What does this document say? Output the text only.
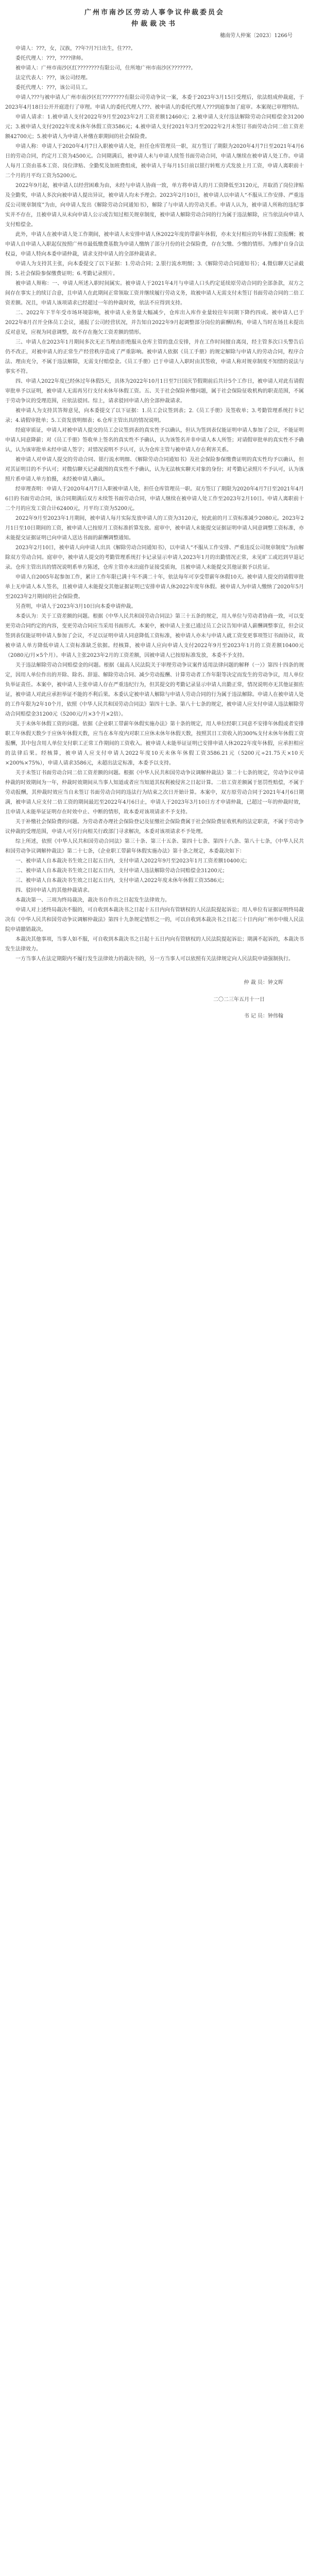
广州市南沙区劳动人事争议仲裁委员会
仲裁裁决书

穗南劳人仲案〔2023〕1266号

申请人：???，女，汉族，??年?月?日出生，住???。

委托代理人：???，????律师。

被申请人：广州市南沙区红????????有限公司，住所地广州市南沙区???????。

法定代表人：???，该公司经理。

委托代理人：???，该公司员工。

申请人???与被申请人广州市南沙区红????????有限公司劳动争议一案，本委于2023年3月15日受理后，依法组成仲裁庭，于2023年4月18日公开开庭进行了审理。申请人的委托代理人???、被申请人的委托代理人???到庭参加了庭审。本案现已审理终结。

申请人请求：1.被申请人支付2022年9月至2023年2月工资差额12460元；2.被申请人支付违法解除劳动合同赔偿金31200元；3.被申请人支付2022年度未休年休假工资3586元；4.被申请人支付2021年3月至2022年2月未签订书面劳动合同二倍工资差额42700元；5.被申请人为申请人补缴在职期间的社会保险费。

申请人称：申请人于2020年4月7日入职被申请人处，担任仓库管理员一职，双方签订了期限为2020年4月7日至2021年4月6日的劳动合同，约定月工资为4500元。合同期满后，被申请人未与申请人续签书面劳动合同，申请人继续在被申请人处工作。申请人每月工资由基本工资、岗位津贴、全勤奖及加班费组成，被申请人于每月15日前以银行转账方式发放上月工资，申请人离职前十二个月的月平均工资为5200元。

2022年9月起，被申请人以经营困难为由，未经与申请人协商一致，单方将申请人的月工资降低至3120元，并取消了岗位津贴及全勤奖，申请人多次向被申请人提出异议，被申请人均未予理会。2023年2月10日，被申请人以申请人“不服从工作安排、严重违反公司规章制度”为由，向申请人发出《解除劳动合同通知书》，解除了与申请人的劳动关系。申请人认为，被申请人所称的违纪事实并不存在，且被申请人从未向申请人公示或告知过相关规章制度，被申请人解除劳动合同的行为属于违法解除，应当依法向申请人支付赔偿金。

此外，申请人在被申请人处工作期间，被申请人未安排申请人休2022年度的带薪年休假，亦未支付相应的年休假工资报酬；被申请人自申请人入职起仅按照广州市最低缴费基数为申请人缴纳了部分月份的社会保险费，存在欠缴、少缴的情形。为维护自身合法权益，申请人特向本委申请仲裁，请求支持申请人的全部仲裁请求。

申请人为支持其主张，向本委提交了以下证据：1.劳动合同；2.银行流水明细；3.《解除劳动合同通知书》；4.微信聊天记录截图；5.社会保险参保缴费证明；6.考勤记录照片。

被申请人辩称：一、申请人所述入职时间属实。被申请人于2021年4月与申请人口头约定延续原劳动合同的全部条款，双方之间存在事实上的续订合意，且申请人在此期间正常领取工资并继续履行劳动义务，故被申请人无需支付未签订书面劳动合同的二倍工资差额。况且，申请人该项请求已经超过一年的仲裁时效，依法不应得到支持。

二、2022年下半年受市场环境影响，被申请人业务量大幅减少，仓库出入库作业量较往年同期下降约四成。被申请人已于2022年8月召开全体员工会议，通报了公司经营状况，并告知自2022年9月起调整部分岗位的薪酬结构，申请人当时在场且未提出反对意见，应视为同意调整，故不存在拖欠工资差额的情形。

三、申请人在2023年1月期间多次无正当理由拒绝服从仓库主管的盘点安排，并在工作时间擅自离岗，经主管多次口头警告后仍不改正，对被申请人的正常生产经营秩序造成了严重影响。被申请人依据《员工手册》的规定解除与申请人的劳动合同，程序合法、理由充分，不属于违法解除，无需支付赔偿金。《员工手册》已于申请人入职时由其签收，申请人称对规章制度不知情的说法与事实不符。

四、申请人2022年度已经休过年休假5天，具体为2022年10月1日至7日国庆节假期前后共计5个工作日，被申请人对此有请假审批单予以证明，被申请人无需再另行支付未休年休假工资。五、关于社会保险补缴问题，属于社会保险征收机构的职责范围，不属于劳动争议的受理范围，应依法驳回。综上，请求驳回申请人的全部仲裁请求。

被申请人为支持其答辩意见，向本委提交了以下证据：1.员工会议签到表；2.《员工手册》及签收单；3.考勤管理系统打卡记录；4.请假审批单；5.工资发放明细表；6.仓库主管出具的情况说明。

经庭审质证，申请人对被申请人提交的员工会议签到表的真实性予以确认，但认为签到表仅能证明申请人参加了会议，不能证明申请人同意降薪；对《员工手册》签收单上签名的真实性不予确认，认为该签名并非申请人本人所签；对请假审批单的真实性不予确认，认为该审批单未经申请人签字；对情况说明不予认可，认为仓库主管与被申请人存在利害关系。

被申请人对申请人提交的劳动合同、银行流水明细、《解除劳动合同通知书》及社会保险参保缴费证明的真实性均予以确认，但对其证明目的不予认可；对微信聊天记录截图的真实性不予确认，认为无法核实聊天对象的身份；对考勤记录照片不予认可，认为该照片系申请人单方拍摄，未经被申请人确认。

经审理查明：申请人于2020年4月7日入职被申请人处，担任仓库管理员一职。双方签订了期限为2020年4月7日至2021年4月6日的书面劳动合同，该合同期满后双方未续签书面劳动合同，申请人继续在被申请人处工作至2023年2月10日。申请人离职前十二个月的应发工资合计62400元，月平均工资为5200元。

2022年9月至2023年1月期间，被申请人每月实际发放申请人的工资为3120元，较此前的月工资标准减少2080元。2023年2月1日至10日期间的工资，被申请人已按原月工资标准折算发放。庭审中，被申请人未能提交证据证明申请人同意调整工资标准，亦未能提交证据证明已向申请人送达书面的薪酬调整通知。

2023年2月10日，被申请人向申请人出具《解除劳动合同通知书》，以申请人“不服从工作安排、严重违反公司规章制度”为由解除双方劳动合同。庭审中，被申请人提交的考勤管理系统打卡记录显示申请人2023年1月的出勤情况正常，未见旷工或迟到早退记录。仓库主管出具的情况说明系单方陈述，仓库主管亦未出庭作证接受质询，且被申请人未能提交其他证据予以佐证。

申请人自2005年起参加工作，累计工作年限已满十年不满二十年，依法每年可享受带薪年休假10天。被申请人提交的请假审批单上无申请人本人签名，且被申请人未能提交其他证据证明已安排申请人休2022年度年休假。被申请人为申请人缴纳了2020年5月至2023年2月期间的社会保险费。

另查明，申请人于2023年3月10日向本委申请仲裁。

本委认为：关于工资差额的问题。根据《中华人民共和国劳动合同法》第三十五条的规定，用人单位与劳动者协商一致，可以变更劳动合同约定的内容，变更劳动合同应当采用书面形式。本案中，被申请人主张已通过员工会议告知申请人薪酬调整事宜，但会议签到表仅能证明申请人参加了会议，不足以证明申请人同意降低工资标准，被申请人亦未与申请人就工资变更事项签订书面协议，故被申请人单方降低申请人工资标准缺乏依据。经核算，被申请人应向申请人支付2022年9月至2023年1月的工资差额10400元（2080元/月×5个月）。申请人主张2023年2月的工资差额，因被申请人已按原标准发放，本委不予支持。

关于违法解除劳动合同赔偿金的问题。根据《最高人民法院关于审理劳动争议案件适用法律问题的解释（一）》第四十四条的规定，因用人单位作出的开除、除名、辞退、解除劳动合同、减少劳动报酬、计算劳动者工作年限等决定而发生的劳动争议，用人单位负举证责任。本案中，被申请人主张申请人存在严重违纪行为，但其提交的考勤记录显示申请人出勤正常，情况说明亦无其他证据佐证，被申请人对此应承担举证不能的不利后果。本委认定被申请人解除与申请人劳动合同的行为属于违法解除。申请人在被申请人处的工作年限为2年10个月，依照《中华人民共和国劳动合同法》第四十七条、第八十七条的规定，被申请人应支付申请人违法解除劳动合同赔偿金31200元（5200元/月×3个月×2倍）。

关于未休年休假工资的问题。依据《企业职工带薪年休假实施办法》第十条的规定，用人单位经职工同意不安排年休假或者安排职工年休假天数少于应休年休假天数，应当在本年度内对职工应休未休年休假天数，按照其日工资收入的300%支付未休年休假工资报酬，其中包含用人单位支付职工正常工作期间的工资收入。被申请人未能举证证明已安排申请人休2022年度年休假，应承担相应的法律后果。经核算，被申请人应支付申请人2022年度10天未休年休假工资3586.21元（5200元÷21.75天×10天×200%×75%），申请人请求3586元，未超出法定标准，本委予以支持。

关于未签订书面劳动合同二倍工资差额的问题。根据《中华人民共和国劳动争议调解仲裁法》第二十七条的规定，劳动争议申请仲裁的时效期间为一年，仲裁时效期间从当事人知道或者应当知道其权利被侵害之日起计算。二倍工资差额属于惩罚性赔偿，不属于劳动报酬，其仲裁时效应当自未签订书面劳动合同的违法行为结束之次日开始计算。本案中，双方原劳动合同于2021年4月6日期满，被申请人应支付二倍工资的期间最迟至2022年4月6日止，申请人于2023年3月10日方才申请仲裁，已超过一年的仲裁时效，且申请人未能举证证明存在时效中止、中断的情形，故本委对该项请求不予支持。

关于补缴社会保险费的问题。为劳动者办理社会保险登记及征缴社会保险费属于社会保险费征收机构的法定职责，不属于劳动争议仲裁的受理范围，申请人可另行向相关行政部门寻求解决，本委对该项请求不予处理。

综上所述，依照《中华人民共和国劳动合同法》第三十条、第三十五条、第四十七条、第四十八条、第八十七条，《中华人民共和国劳动争议调解仲裁法》第二十七条，《企业职工带薪年休假实施办法》第十条之规定，本委裁决如下：

一、被申请人自本裁决书生效之日起五日内，支付申请人2022年9月至2023年1月工资差额10400元；

二、被申请人自本裁决书生效之日起五日内，支付申请人违法解除劳动合同赔偿金31200元；

三、被申请人自本裁决书生效之日起五日内，支付申请人2022年度未休年休假工资3586元；

四、驳回申请人的其他仲裁请求。

本裁决第一、三项为终局裁决，裁决书自作出之日起发生法律效力。

申请人对上述终局裁决不服的，可自收到本裁决书之日起十五日内向有管辖权的人民法院提起诉讼；用人单位有证据证明终局裁决有《中华人民共和国劳动争议调解仲裁法》第四十九条规定情形之一的，可以自收到本裁决书之日起三十日内向广州市中级人民法院申请撤销裁决。

本裁决其他事项，当事人如不服，可自收到本裁决书之日起十五日内向有管辖权的人民法院提起诉讼；期满不起诉的，本裁决书发生法律效力。

一方当事人在法定期限内不履行发生法律效力的裁决书的，另一方当事人可以依照有关法律规定向人民法院申请强制执行。

仲 裁 员：钟文晖

二〇二三年五月十一日

书 记 员：钟伟翰
